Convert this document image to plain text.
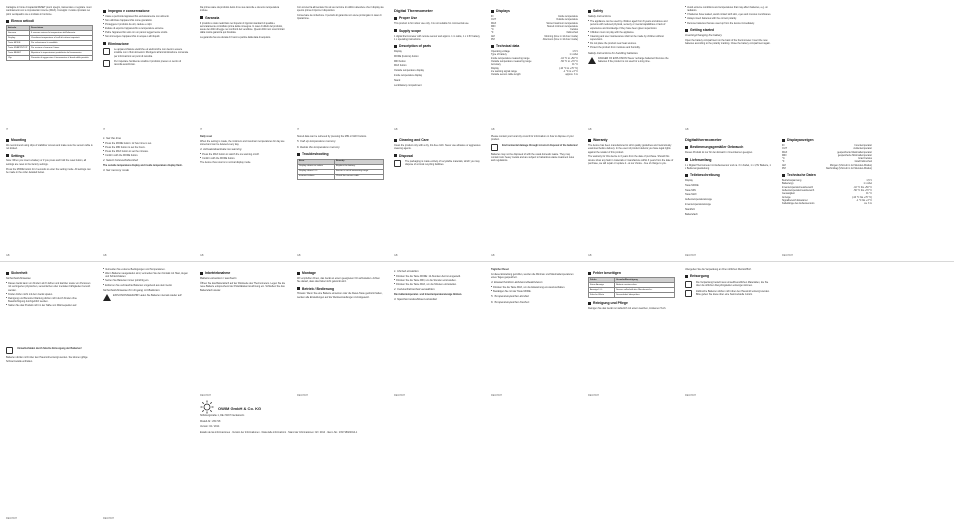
Cartagine in fonte di capacità RESET premi spegni, riaccendere o regolare i suoi cambiamenti con le impostazioni interne (MAX). Consiglio: il valore riportato nei primi ventiquattro ore è indicato in funzione.
Elenco articoli
Articolo	Descrizione
Sensore	Il sensore misura la temperatura dell'alimento.
Display	Visualizza temperatura e livelli di cottura impostati.
Tasto MODE	Per selezionare la modalità.
Tasto START/STOP	Per avviare o fermare il timer.
Tasto RESET	Ripristina le impostazioni predefinite del termometro.
Clip	Permette di agganciare il termometro al bordo della pentola.
Impegno e conservazione
■ Usare a pezzo/del apparecchio esclusivamente con alimenti.
■ Non utilizzare l'apparecchio come giocattolo.
■ Proteggere il prodotto da urti, cadute e colpi.
■ Evitare di esporre l'apparecchio a temperature estreme.
■ Pulire l'apparecchio solo con un panno leggermente umido.
■ Non immergere l'apparecchio in acqua o altri liquidi.
Eliminazione
Le apparecchiature elettriche ed elettroniche non devono essere smaltite con i rifiuti domestici. Rivolgersi all'amministrazione comunale per informazioni sui punti di raccolta.
Per rispettare l'ambiente smaltire il prodotto presso un centro di raccolta autorizzato.
Da prima usare da prodotto detto di su sua raccolte e da sono temperatura incluse.
Garanzia
Il prodotto è stato realizzato nel rispetto di rigorosi standard di qualità e accuratamente controllato prima della consegna. In caso di difetti del prodotto, avete dei diritti di legge nei confronti del venditore. Questi diritti non sono limitati dalla nostra garanzia qui illustrata.
La garanzia ha una durata di 3 anni a partire dalla data di acquisto.
Con sicurezza alimentare fino al suo termine di utilizzo attendere che il display sia spento prima di riporre il dispositivo.
Conservare la confezione. Il periodo di garanzia non viene prolungato in caso di riparazione.
Digital Thermometer
Proper Use
This product is for indoor use only. It is not suitable for commercial use.
Supply scope
1 digital thermometer with remote sensor and approx. 1 m cable, 1 x 1.5V battery, 1 x operating instructions
Description of parts
Display
MODE (buttons) button
MIN button
MAX button
Outside temperature display
Inside temperature display
Stand
Lock/battery compartment
Displays
IN	Inside temperature
OUT	Outside temperature
MAX	Stored maximum temperature
MIN	Stored minimum temperature
°C	Celsius
°F	Fahrenheit
AM	Morning (time in 12-hour mode)
PM	Afternoon (time in 12-hour mode)
Technical data
Operating voltage	1.5 V
Type of battery	1 x AAA
Inside temperature measuring range	-10 °C to +50 °C
Outside temperature measuring range	-50 °C to +70 °C
Accuracy	±1 °C
Display	(-10 °C to +70 °C)
Ice warning signal range	-1 °C to +3 °C
Outside sensor cable length	approx. 3 m
Safety
Safety instructions
■ The appliance can be used by children aged from 8 years and above and persons with reduced physical, sensory or mental capabilities or lack of experience and knowledge if they have been given supervision.
■ Children must not play with the appliance.
■ Cleaning and user maintenance shall not be made by children without supervision.
■ Do not place the product near heat sources.
■ Protect the product from moisture and humidity.
Safety instructions for handling batteries
DANGER OF EXPLOSION! Never recharge batteries! Remove the batteries if the product is not used for a long time.
■ Avoid extreme conditions and temperatures that may affect batteries, e.g. on radiators.
■ If batteries have leaked, avoid contact with skin, eyes and mucous membranes.
■ Always insert batteries with the correct polarity.
■ Remove batteries that are used up from the device immediately.
Getting started
Inserting/changing the battery
Open the battery compartment on the back of the thermometer. Insert the new batteries according to the polarity marking. Close the battery compartment again.
Mounting
We recommend using clips of stabilizer screws and make sure the sensor cable is not kinked.
Settings
Note: When you insert a battery or if you press and hold the reset button, all settings are reset to the factory settings.
Press the MODE button for 2 seconds to enter the setting mode. All settings can be made in the order detailed below.
1. Set the time
■ Press the MODE button: 12 hour time is set.
■ Press the MIN button to set the hours.
■ Press the MAX button to set the minutes.
■ Confirm with the MODE button.
2. Select Celsius/Fahrenheit
The outside temperature display and inside temperature display flash.
3. Set memory mode
Daily reset
When the setting is made, the minimum and maximum temperatures for day are stored and can be deleted every day.
4. Activate/deactivate ice warning
■ Press the MAX button to switch the ice warning on/off.
■ Confirm with the MODE button.
The device thus returns to normal display mode.
Stored data can be retrieved by pressing the MIN or MAX buttons.
5. Call up temperature memory
6. Delete the temperature memory
Troubleshooting
Error	Remedy
Display shows no values	Replace the battery.
Display shows LL.L	Sensor is out of measuring range.
Incorrect values	Check the sensor cable.
Cleaning and Care
Clean the product only with a dry, lint-free cloth. Never use abrasive or aggressive cleaning agents.
Disposal
The packaging is made entirely of recyclable materials, which you may dispose of at local recycling facilities.
Please contact your local city council for information on how to dispose of your product.
Environmental damage through incorrect disposal of the batteries!
Batteries may not be disposed of with the usual domestic waste. They may contain toxic heavy metals and are subject to hazardous waste treatment rules and regulations.
Warranty
The device has been manufactured to strict quality guidelines and meticulously examined before delivery. In the event of product defects you have legal rights against the retailer of this product.
The warranty for this device is 3 years from the date of purchase. Should this device show any fault in materials or manufacture within 3 years from the date of purchase, we will repair or replace it - at our choice - free of charge to you.
Digitalthermometer
Bestimmungsgemäßer Gebrauch
Dieses Produkt ist nur für den Einsatz in Innenräumen geeignet.
Lieferumfang
1 x Digital-Thermometer mit Außensensor und ca. 3 m Kabel, 1 x 1,5V Batterie, 1 x Bedienungsanleitung
Teilebeschreibung
Display
Taste MODE
Taste MIN
Taste MAX
Außentemperaturanzeige
Innentemperaturanzeige
Standfuß
Batteriefach
Displayanzeigen
IN	Innentemperatur
OUT	Außentemperatur
MAX	gespeicherte Maximaltemperatur
MIN	gespeicherte Minimaltemperatur
°C	Grad Celsius
°F	Grad Fahrenheit
AM	Morgen (Uhrzeit im 12-Stunden-Modus)
PM	Nachmittag (Uhrzeit im 12-Stunden-Modus)
Technische Daten
Betriebsspannung	1,5 V
Batterietyp	1 x AAA
Innentemperaturmessbereich	-10 °C bis +50 °C
Außentemperaturmessbereich	-50 °C bis +70 °C
Genauigkeit	±1 °C
Anzeige	(-10 °C bis +70 °C)
Signalbereich Eiswarner	-1 °C bis +3 °C
Kabellänge des Außensensors	ca. 3 m
Sicherheit
Sicherheitshinweise
■ Dieses Gerät kann von Kindern ab 8 Jahren und darüber sowie von Personen mit verringerten physischen, sensorischen oder mentalen Fähigkeiten benutzt werden.
■ Kinder dürfen nicht mit dem Gerät spielen.
■ Reinigung und Benutzer-Wartung dürfen nicht durch Kinder ohne Beaufsichtigung durchgeführt werden.
■ Stellen Sie das Produkt nicht in der Nähe von Wärmequellen auf.
Umweltschäden durch falsche Entsorgung der Batterien!
Batterien dürfen nicht über den Hausmüll entsorgt werden. Sie können giftige Schwermetalle enthalten.
■ Vermeiden Sie extreme Bedingungen und Temperaturen.
■ Wenn Batterien ausgelaufen sind, vermeiden Sie den Kontakt mit Haut, Augen und Schleimhäuten.
■ Setzen Sie Batterien immer polrichtig ein.
■ Entfernen Sie verbrauchte Batterien umgehend aus dem Gerät.
Sicherheitshinweise für Umgang mit Batterien
EXPLOSIONSGEFAHR! Laden Sie Batterien niemals wieder auf!
Inbetriebnahme
Batterie einsetzen / wechseln
Öffnen Sie das Batteriefach auf der Rückseite des Thermometers. Legen Sie die neue Batterie entsprechend der Polaritätskennzeichnung ein. Schließen Sie das Batteriefach wieder.
Montage
Wir empfehlen Ihnen, das Gerät an einem geeigneten Ort aufzustellen. Achten Sie darauf, dass das Kabel nicht geknickt wird.
Betrieb / Bedienung
Hinweis: Wenn Sie eine Batterie einsetzen oder die Reset-Taste gedrückt halten, werden alle Einstellungen auf die Werkseinstellungen zurückgesetzt.
1. Uhrzeit einstellen
■ Drücken Sie die Taste MODE: 12-Stunden-Zeit ist eingestellt.
■ Drücken Sie die Taste MIN, um die Stunden einzustellen.
■ Drücken Sie die Taste MAX, um die Minuten einzustellen.
2. Celsius/Fahrenheit auswählen
Die Außentemperatur- und Innentemperaturanzeige blinken.
3. Speichermodus/Reset einstellen
Täglicher Reset
Ist diese Einstellung getroffen, werden die Minimal- und Maximaltemperaturen eines Tages gespeichert.
4. Eiswarnfunktion aktivieren/deaktivieren
■ Drücken Sie die Taste MAX, um die Eiswarnung ein-/auszuschalten.
■ Bestätigen Sie mit der Taste MODE.
5. Temperaturspeicher abrufen
6. Temperaturspeicher löschen
Fehler beseitigen
Fehler	Ursache/Beseitigung
Keine Anzeige	Batterie austauschen.
Anzeige LL.L	Sensor außerhalb des Messbereichs.
Falsche Werte	Sensorkabel überprüfen.
Reinigung und Pflege
Reinigen Sie das Gerät nur äußerlich mit einem weichen, trockenen Tuch.
Übergeben Sie die Verpackung an Ihren örtlichen Wertstoffhof.
Entsorgung
Die Verpackung besteht aus umweltfreundlichen Materialien, die Sie über die örtlichen Recyclingstellen entsorgen können.
Zahlreiche Batterien dürfen nicht über den Hausmüll entsorgt werden. Bitte geben Sie diese über eine Sammelstelle zurück.
OWIM GmbH & Co. KG
Stiftsbergstraße 1, DE-74167 Neckarsulm
Modell-Nr.: Z31718
Version: 02 / 2014
Estado de las informaciones · Version der Informationen · Data delle informazioni · Stand der Informationen: 02 / 2014 · Ident.-No.: Z31718022014-1
IT	IT	IT	IT	GB	GB	GB	GB
GB	GB	GB	GB	GB	GB	GB	DE/AT/CH	DE/AT/CH
DE/AT/CH	DE/AT/CH
DE/AT/CH	DE/AT/CH	DE/AT/CH	DE/AT/CH	DE/AT/CH	DE/AT/CH
